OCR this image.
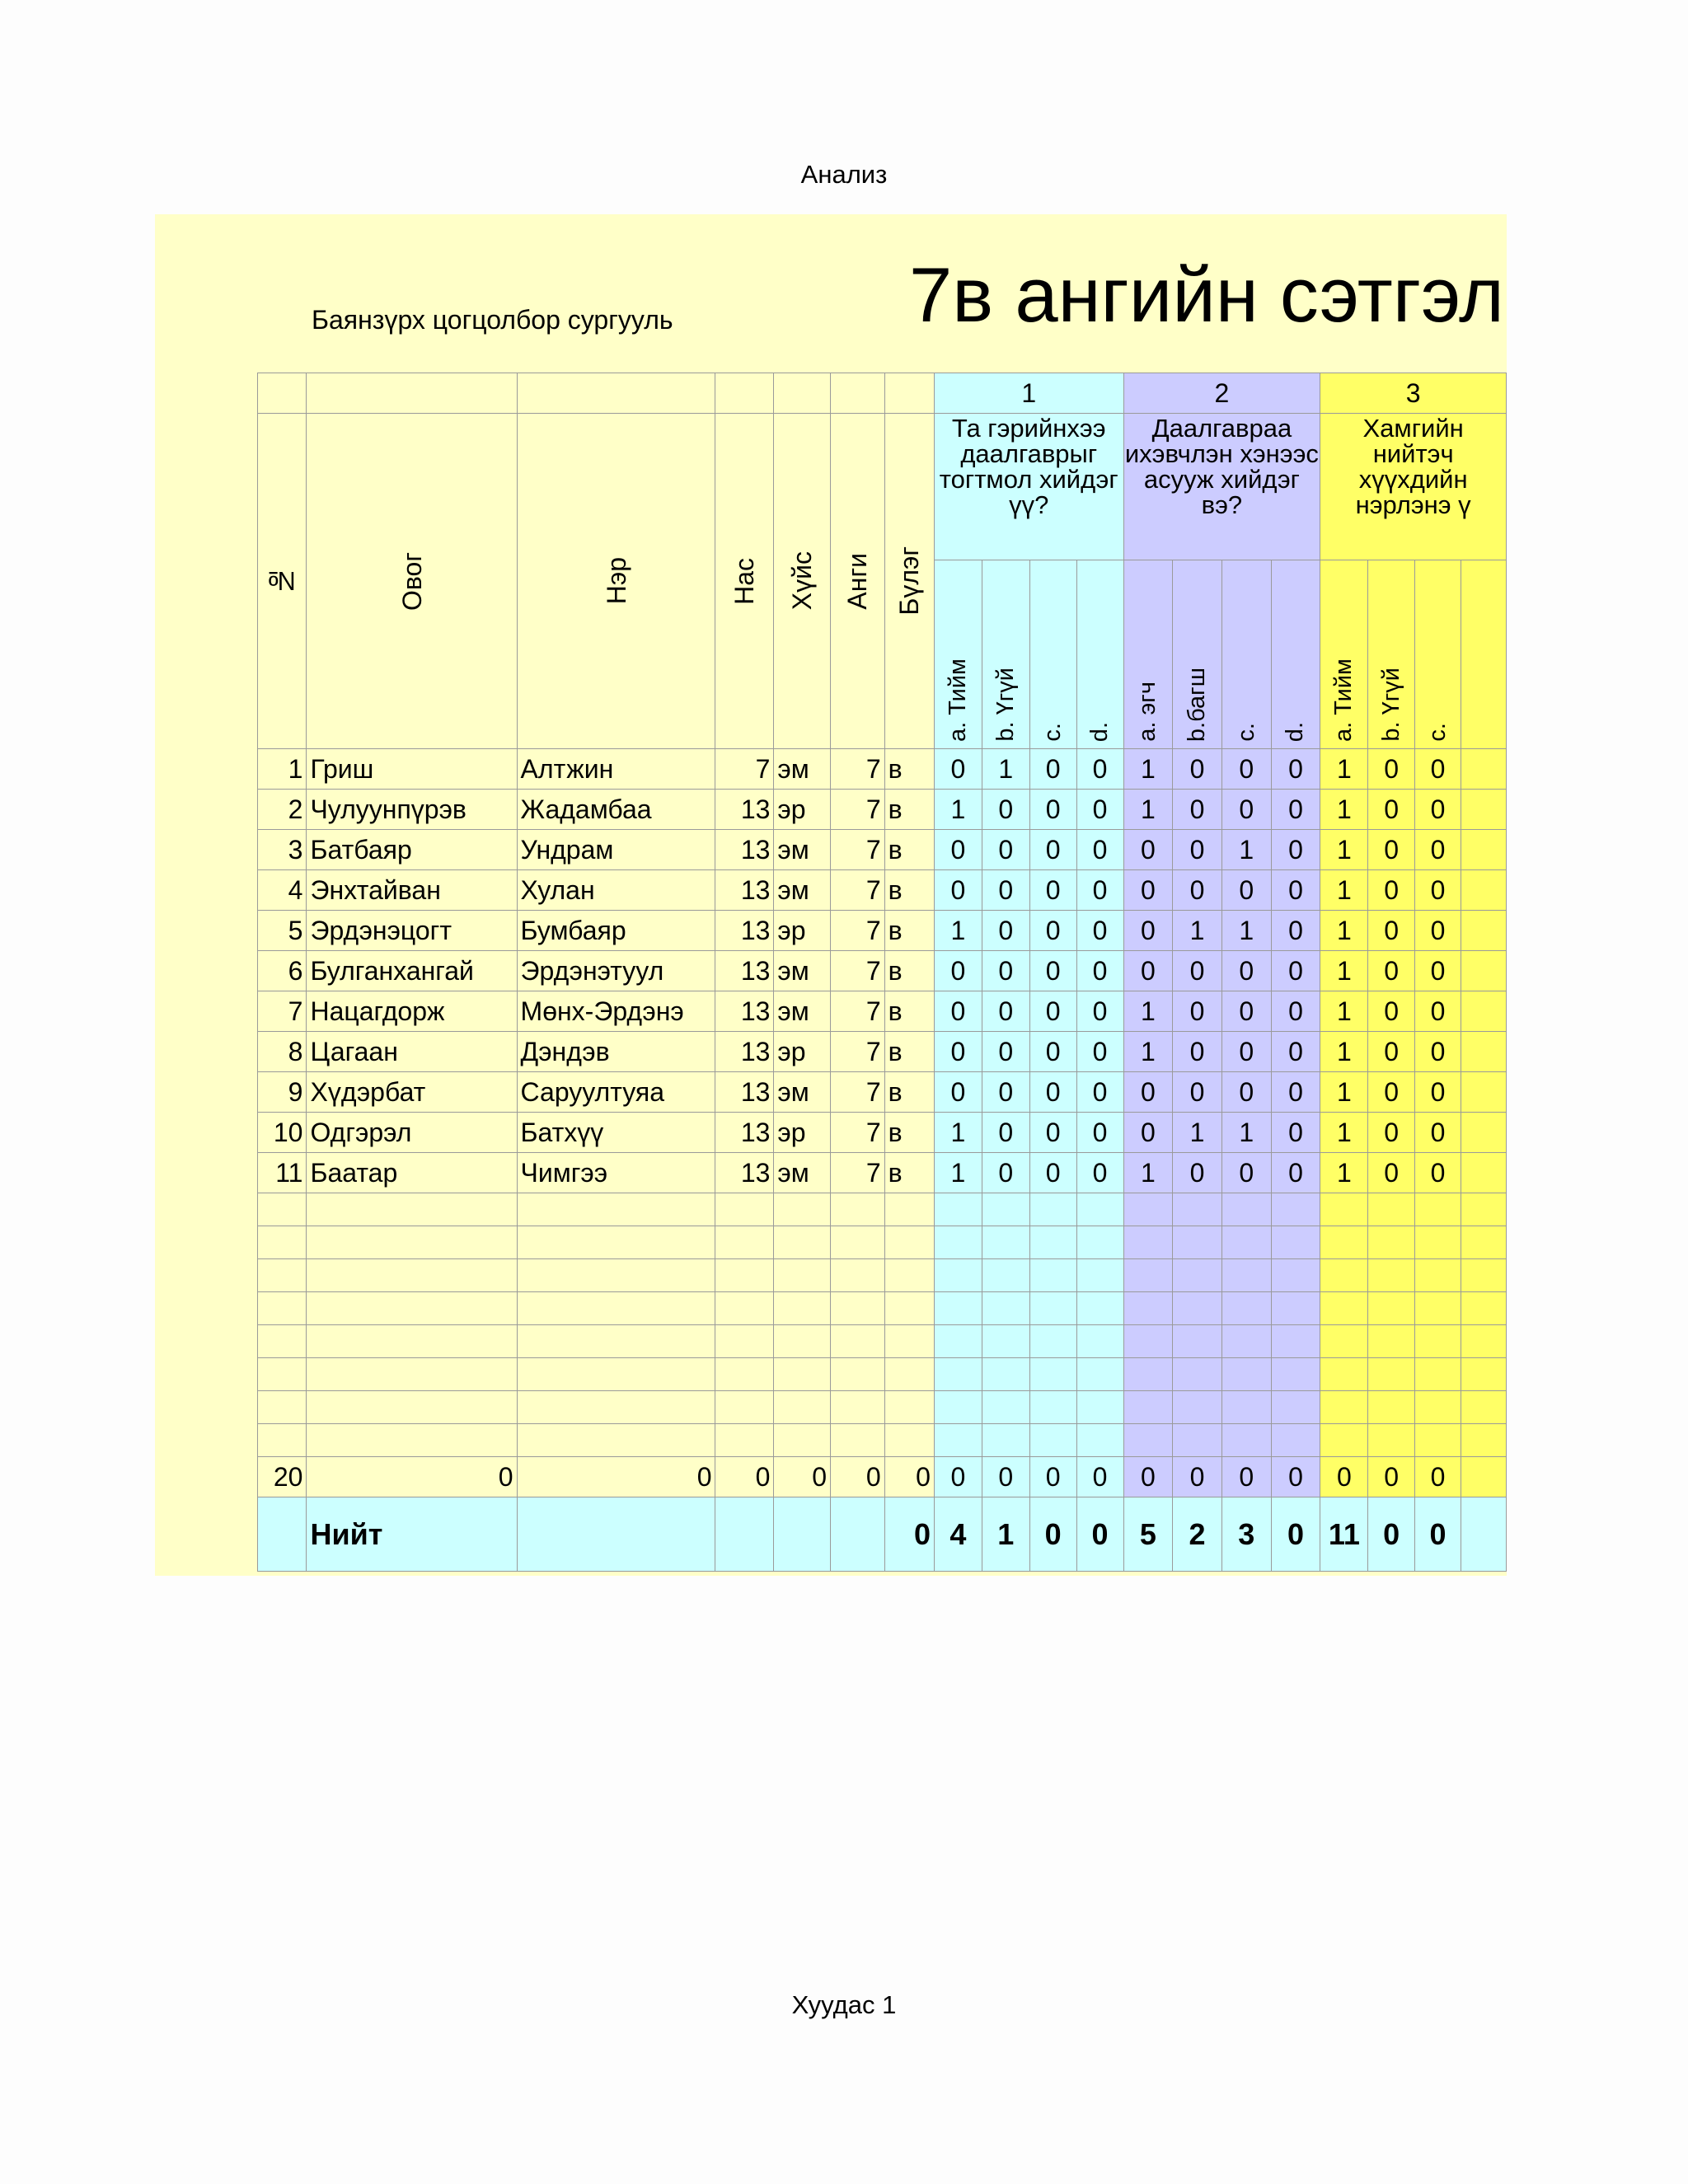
Анализ
Баянзүрх цогцолбор сургууль	7в ангийн сэтгэл
							1				2				3			

№	Овог	Нэр	Нас	Хүйс	Анги	Бүлэг	Та гэрийнхээ даалгаврыг тогтмол хийдэг үү?				Даалгавраа ихэвчлэн хэнээс асууж хийдэг вэ?				Хамгийн нийтэч хүүхдийн нэрлэнэ ү			

							a. Тийм	b. Үгүй	c.	d.	a. эгч	b.багш	c.	d.	a. Тийм	b. Үгүй	c.	

1	Гриш	Алтжин	7	эм	7	в	0	1	0	0	1	0	0	0	1	0	0	
2	Чулуунпүрэв	Жадамбаа	13	эр	7	в	1	0	0	0	1	0	0	0	1	0	0	
3	Батбаяр	Ундрам	13	эм	7	в	0	0	0	0	0	0	1	0	1	0	0	
4	Энхтайван	Хулан	13	эм	7	в	0	0	0	0	0	0	0	0	1	0	0	
5	Эрдэнэцогт	Бумбаяр	13	эр	7	в	1	0	0	0	0	1	1	0	1	0	0	
6	Булганхангай	Эрдэнэтуул	13	эм	7	в	0	0	0	0	0	0	0	0	1	0	0	
7	Нацагдорж	Мөнх-Эрдэнэ	13	эм	7	в	0	0	0	0	1	0	0	0	1	0	0	
8	Цагаан	Дэндэв	13	эр	7	в	0	0	0	0	1	0	0	0	1	0	0	
9	Хүдэрбат	Саруултуяа	13	эм	7	в	0	0	0	0	0	0	0	0	1	0	0	
10	Одгэрэл	Батхүү	13	эр	7	в	1	0	0	0	0	1	1	0	1	0	0	
11	Баатар	Чимгээ	13	эм	7	в	1	0	0	0	1	0	0	0	1	0	0	

20	0	0	0	0	0	0	0	0	0	0	0	0	0	0	0	0	0	
	Нийт					0	4	1	0	0	5	2	3	0	11	0	0	
Хуудас 1
